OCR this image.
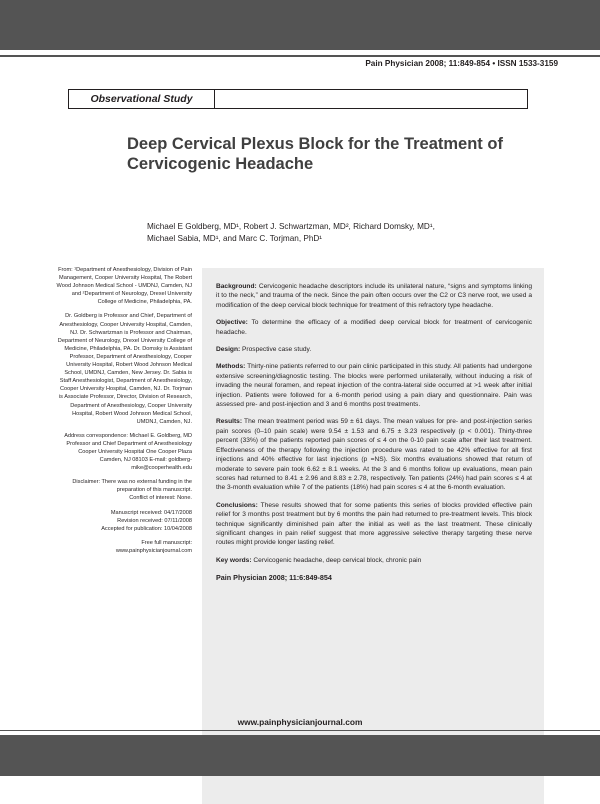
Pain Physician 2008; 11:849-854 • ISSN 1533-3159
Observational Study
Deep Cervical Plexus Block for the Treatment of
Cervicogenic Headache
Michael E Goldberg, MD¹, Robert J. Schwartzman, MD², Richard Domsky, MD¹,
Michael Sabia, MD¹, and Marc C. Torjman, PhD¹

From: ¹Department of Anesthesiology, Division of Pain Management, Cooper University Hospital, The Robert Wood Johnson Medical School - UMDNJ, Camden, NJ and ²Department of Neurology, Drexel University College of Medicine, Philadelphia, PA.

Dr. Goldberg is Professor and Chief, Department of Anesthesiology, Cooper University Hospital, Camden, NJ. Dr. Schwartzman is Professor and Chairman, Department of Neurology, Drexel University College of Medicine, Philadelphia, PA. Dr. Domsky is Assistant Professor, Department of Anesthesiology, Cooper University Hospital, Robert Wood Johnson Medical School, UMDNJ, Camden, New Jersey. Dr. Sabia is Staff Anesthesiologist, Department of Anesthesiology, Cooper University Hospital, Camden, NJ. Dr. Torjman is Associate Professor, Director, Division of Research, Department of Anesthesiology, Cooper University Hospital, Robert Wood Johnson Medical School, UMDNJ, Camden, NJ.

Address correspondence: Michael E. Goldberg, MD Professor and Chief Department of Anesthesiology Cooper University Hospital One Cooper Plaza Camden, NJ 08103 E-mail: goldberg-mike@cooperhealth.edu

Disclaimer: There was no external funding in the preparation of this manuscript.
Conflict of interest: None.

Manuscript received: 04/17/2008
Revision received: 07/11/2008
Accepted for publication: 10/04/2008

Free full manuscript:
www.painphysicianjournal.com

Background: Cervicogenic headache descriptors include its unilateral nature, “signs and symptoms linking it to the neck,” and trauma of the neck. Since the pain often occurs over the C2 or C3 nerve root, we used a modification of the deep cervical block technique for treatment of this refractory type headache.

Objective: To determine the efficacy of a modified deep cervical block for treatment of cervicogenic headache.

Design: Prospective case study.

Methods: Thirty-nine patients referred to our pain clinic participated in this study. All patients had undergone extensive screening/diagnostic testing. The blocks were performed unilaterally, without inducing a risk of invading the neural foramen, and repeat injection of the contra-lateral side occurred at >1 week after initial injection. Patients were followed for a 6-month period using a pain diary and questionnaire. Pain was assessed pre- and post-injection and 3 and 6 months post treatments.

Results: The mean treatment period was 59 ± 61 days. The mean values for pre- and post-injection series pain scores (0–10 pain scale) were 9.54 ± 1.53 and 6.75 ± 3.23 respectively (p < 0.001). Thirty-three percent (33%) of the patients reported pain scores of ≤ 4 on the 0-10 pain scale after their last treatment. Effectiveness of the therapy following the injection procedure was rated to be 42% effective for all first injections and 40% effective for last injections (p =NS). Six months evaluations showed that return of moderate to severe pain took 6.62 ± 8.1 weeks. At the 3 and 6 months follow up evaluations, mean pain scores had returned to 8.41 ± 2.96 and 8.83 ± 2.78, respectively. Ten patients (24%) had pain scores ≤ 4 at the 3-month evaluation while 7 of the patients (18%) had pain scores ≤ 4 at the 6-month evaluation.

Conclusions: These results showed that for some patients this series of blocks provided effective pain relief for 3 months post treatment but by 6 months the pain had returned to pre-treatment levels. This block technique significantly diminished pain after the initial as well as the last treatment. These clinically significant changes in pain relief suggest that more aggressive selective therapy targeting these nerve routes might provide longer lasting relief.

Key words: Cervicogenic headache, deep cervical block, chronic pain

Pain Physician 2008; 11:6:849-854

www.painphysicianjournal.com
